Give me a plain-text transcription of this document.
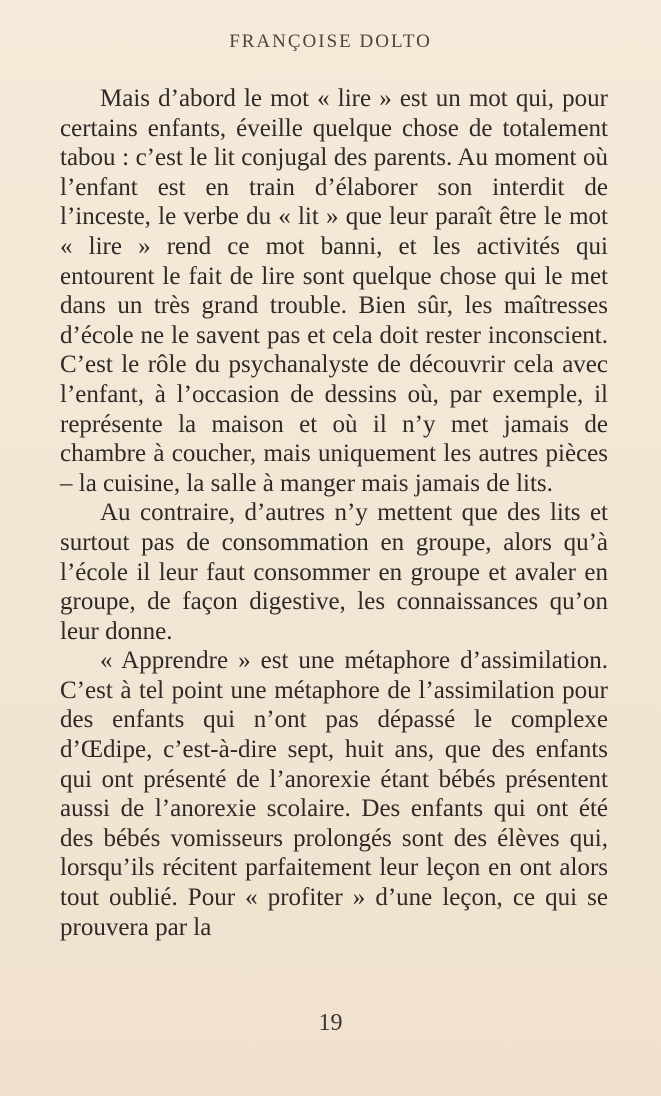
FRANÇOISE DOLTO

Mais d’abord le mot « lire » est un mot qui, pour certains enfants, éveille quelque chose de totalement tabou : c’est le lit conjugal des parents. Au moment où l’enfant est en train d’élaborer son interdit de l’inceste, le verbe du « lit » que leur paraît être le mot « lire » rend ce mot banni, et les activités qui entourent le fait de lire sont quelque chose qui le met dans un très grand trouble. Bien sûr, les maîtresses d’école ne le savent pas et cela doit rester inconscient. C’est le rôle du psychanalyste de découvrir cela avec l’enfant, à l’occasion de dessins où, par exemple, il représente la maison et où il n’y met jamais de chambre à coucher, mais uniquement les autres pièces – la cuisine, la salle à manger mais jamais de lits.

Au contraire, d’autres n’y mettent que des lits et surtout pas de consommation en groupe, alors qu’à l’école il leur faut consommer en groupe et avaler en groupe, de façon digestive, les connaissances qu’on leur donne.

« Apprendre » est une métaphore d’assimilation. C’est à tel point une métaphore de l’assimilation pour des enfants qui n’ont pas dépassé le complexe d’Œdipe, c’est-à-dire sept, huit ans, que des enfants qui ont présenté de l’anorexie étant bébés présentent aussi de l’anorexie scolaire. Des enfants qui ont été des bébés vomisseurs prolongés sont des élèves qui, lorsqu’ils récitent parfaitement leur leçon en ont alors tout oublié. Pour « profiter » d’une leçon, ce qui se prouvera par la

19
